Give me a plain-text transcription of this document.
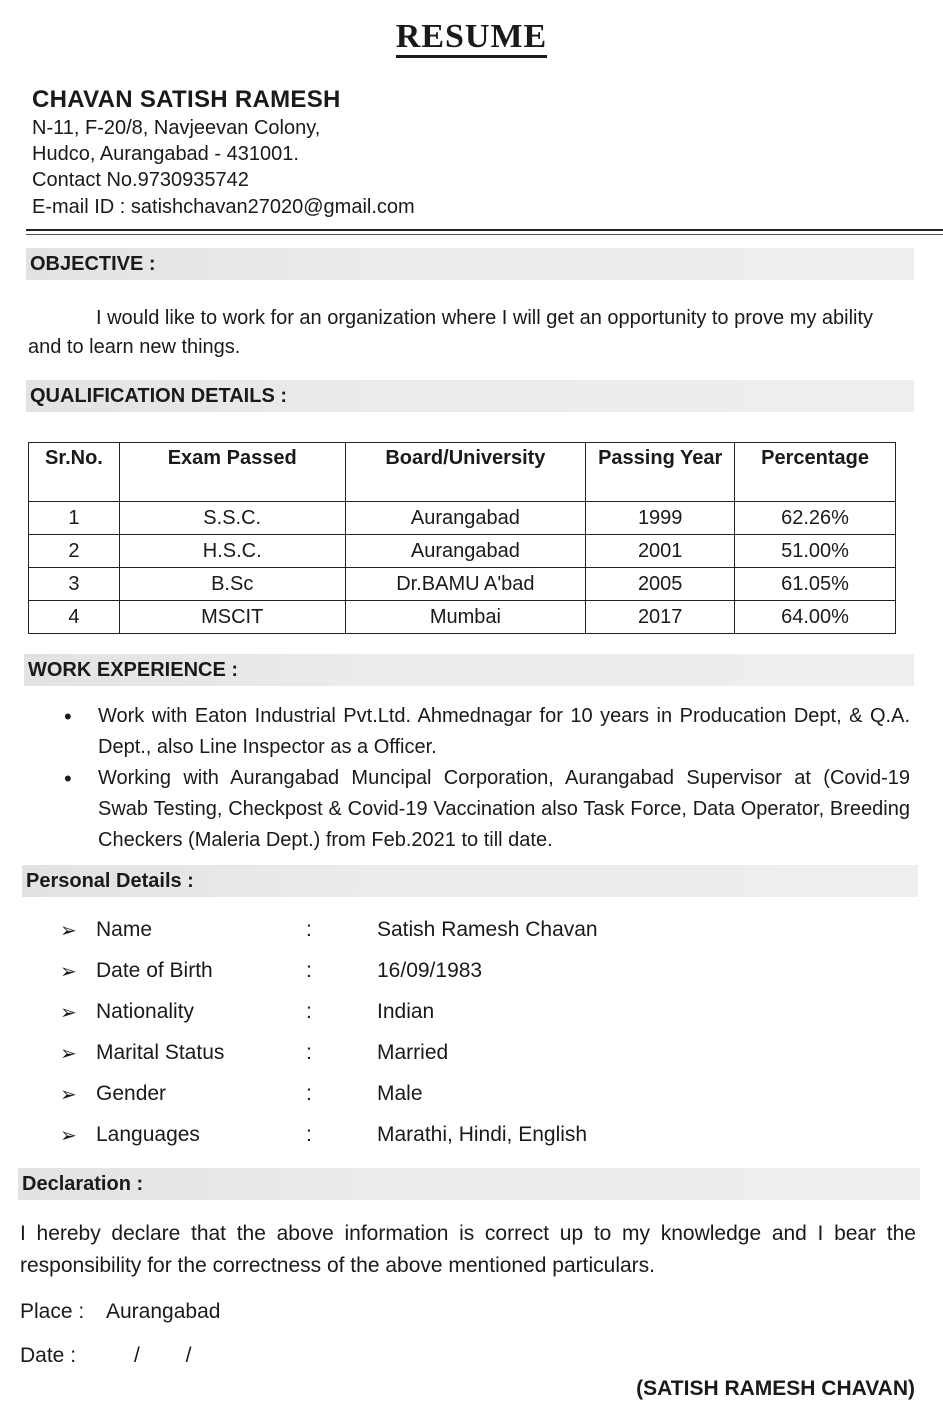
RESUME
CHAVAN SATISH RAMESH
N-11, F-20/8, Navjeevan Colony,
Hudco, Aurangabad - 431001.
Contact No.9730935742
E-mail ID : satishchavan27020@gmail.com
OBJECTIVE :
I would like to work for an organization where I will get an opportunity to prove my ability and to learn new things.
QUALIFICATION DETAILS :
Sr.No.	Exam Passed	Board/University	Passing Year	Percentage
1	S.S.C.	Aurangabad	1999	62.26%
2	H.S.C.	Aurangabad	2001	51.00%
3	B.Sc	Dr.BAMU A'bad	2005	61.05%
4	MSCIT	Mumbai	2017	64.00%
WORK EXPERIENCE :
• Work with Eaton Industrial Pvt.Ltd. Ahmednagar for 10 years in Producation Dept, & Q.A. Dept., also Line Inspector as a Officer.
• Working with Aurangabad Muncipal Corporation, Aurangabad Supervisor at (Covid-19 Swab Testing, Checkpost & Covid-19 Vaccination also Task Force, Data Operator, Breeding Checkers (Maleria Dept.) from Feb.2021 to till date.
Personal Details :
➢ Name	:	Satish Ramesh Chavan
➢ Date of Birth	:	16/09/1983
➢ Nationality	:	Indian
➢ Marital Status	:	Married
➢ Gender	:	Male
➢ Languages	:	Marathi, Hindi, English
Declaration :
I hereby declare that the above information is correct up to my knowledge and I bear the responsibility for the correctness of the above mentioned particulars.
Place : Aurangabad
Date :	/ /
(SATISH RAMESH CHAVAN)
